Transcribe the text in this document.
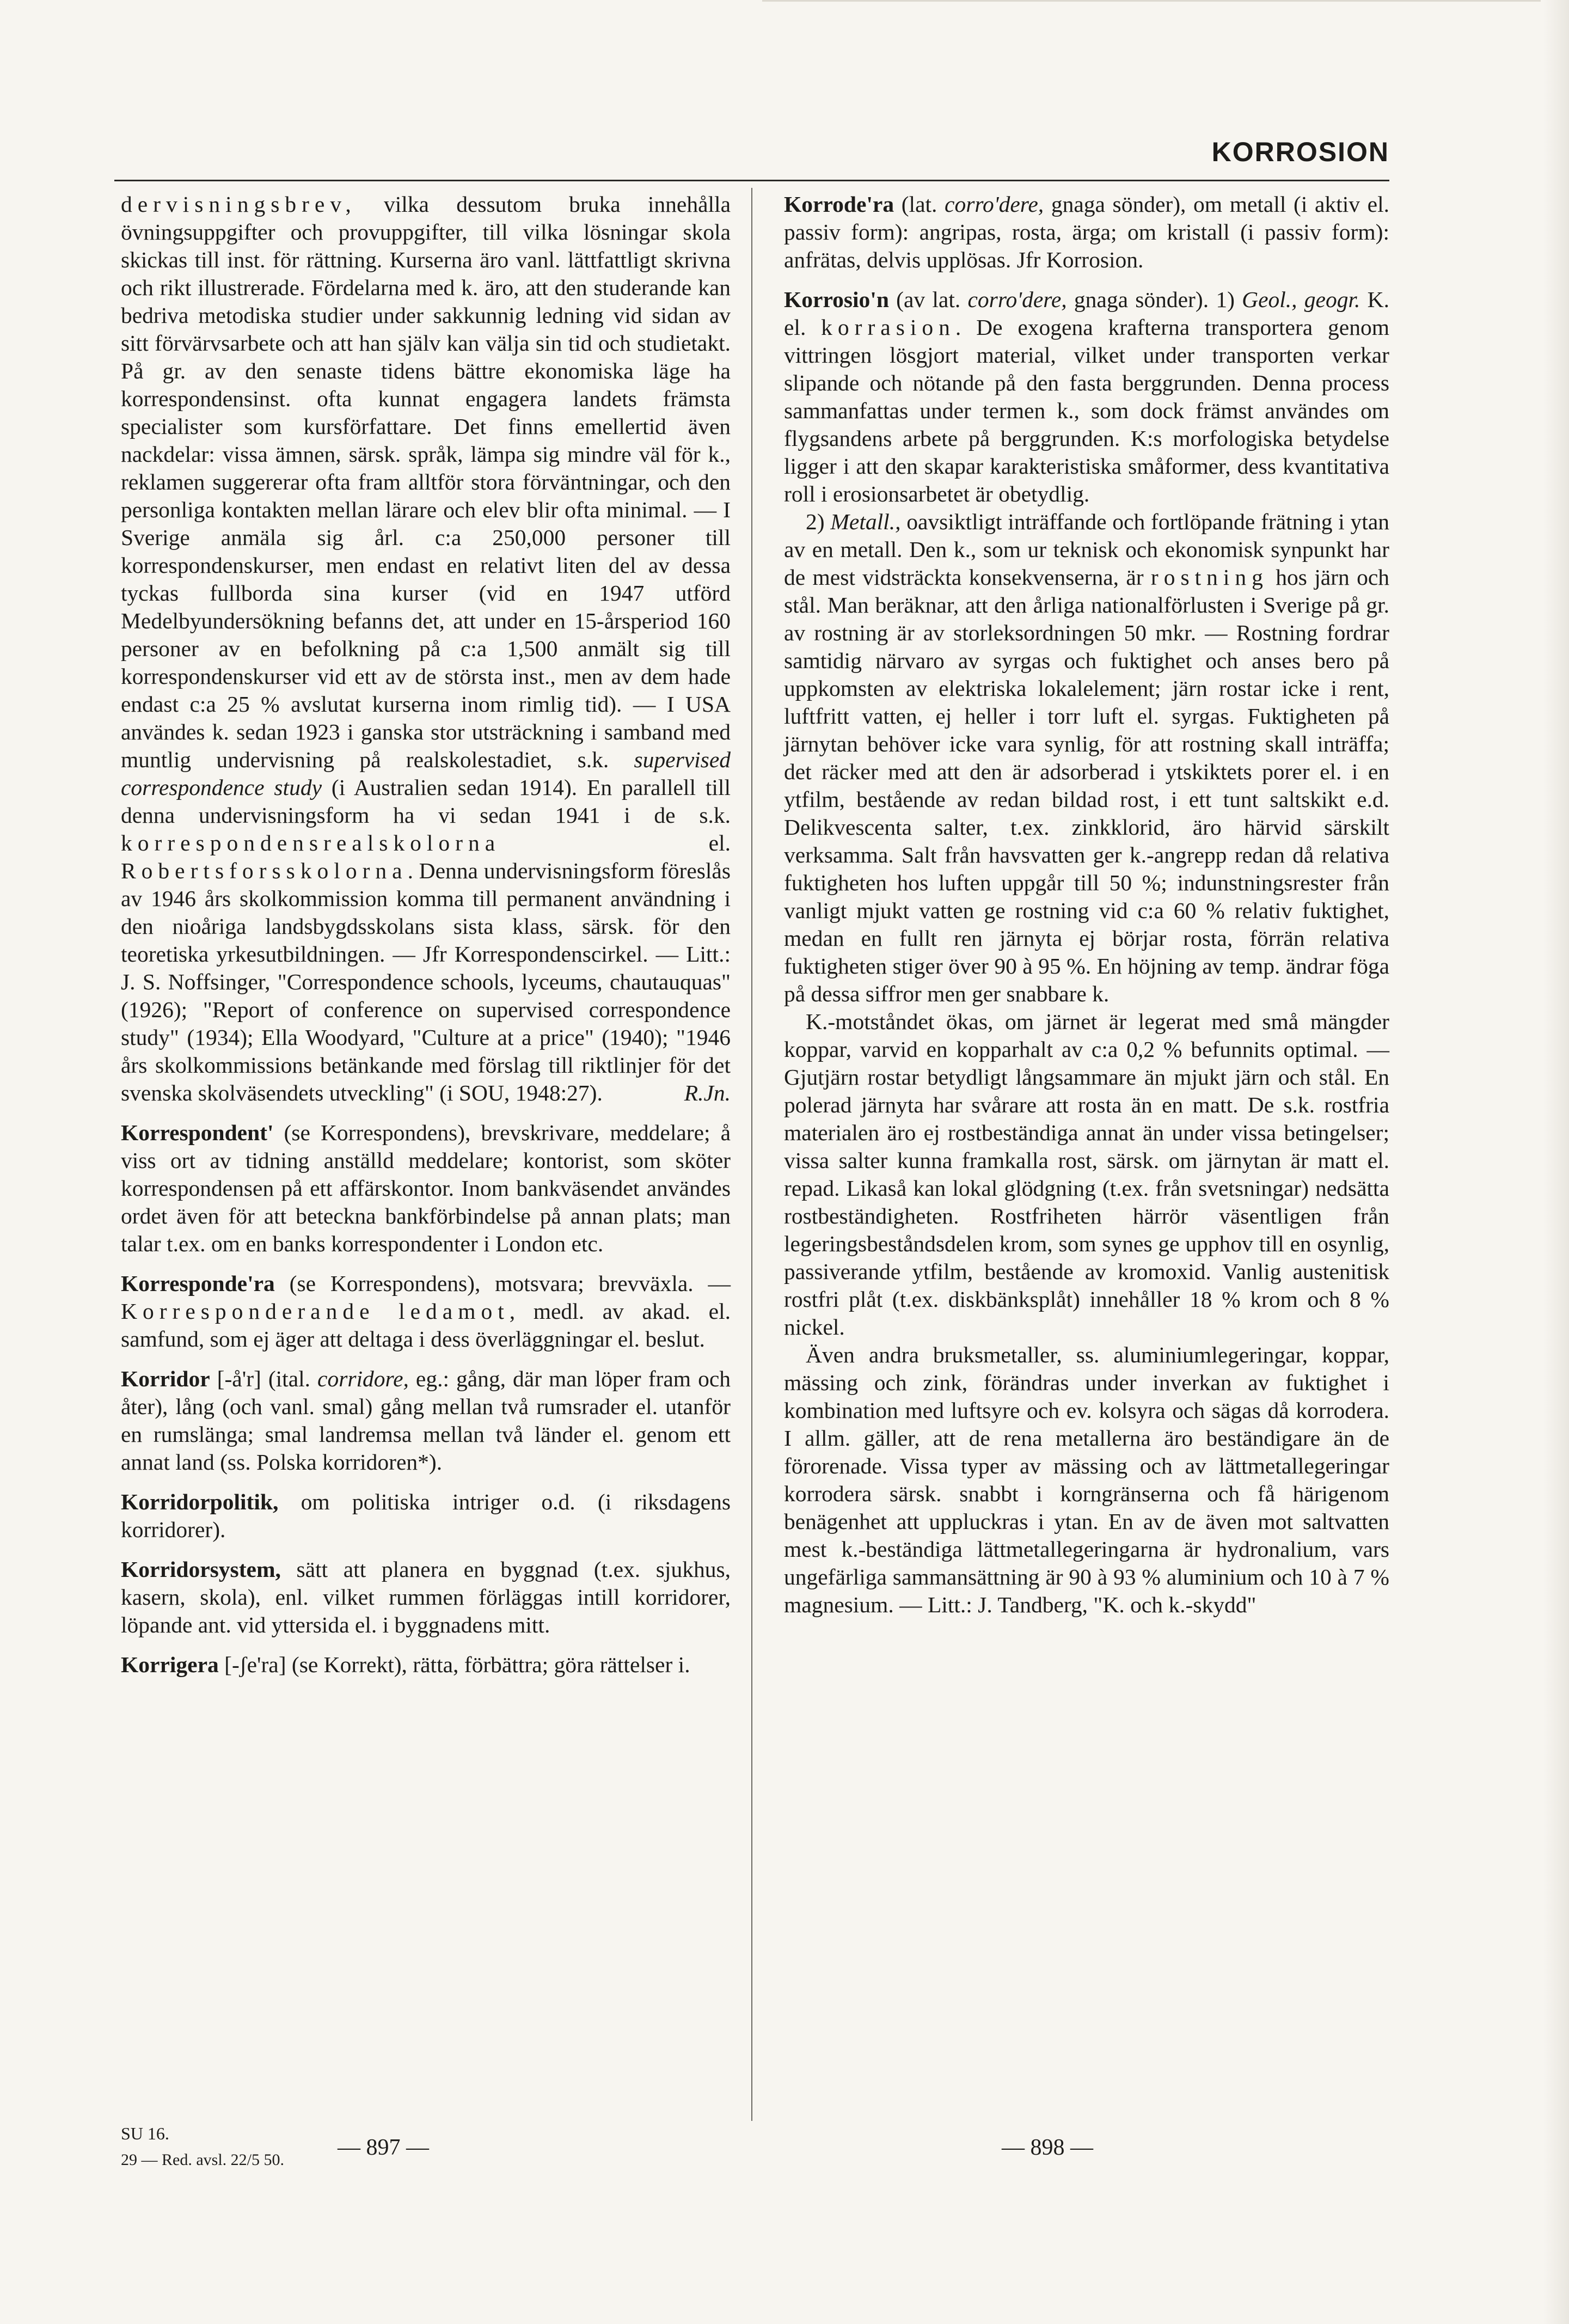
KORROSION

dervisningsbrev, vilka dessutom bruka innehålla övningsuppgifter och provuppgifter, till vilka lösningar skola skickas till inst. för rättning. Kurserna äro vanl. lättfattligt skrivna och rikt illustrerade. Fördelarna med k. äro, att den studerande kan bedriva metodiska studier under sakkunnig ledning vid sidan av sitt förvärvsarbete och att han själv kan välja sin tid och studietakt. På gr. av den senaste tidens bättre ekonomiska läge ha korrespondensinst. ofta kunnat engagera landets främsta specialister som kursförfattare. Det finns emellertid även nackdelar: vissa ämnen, särsk. språk, lämpa sig mindre väl för k., reklamen suggererar ofta fram alltför stora förväntningar, och den personliga kontakten mellan lärare och elev blir ofta minimal. — I Sverige anmäla sig årl. c:a 250,000 personer till korrespondenskurser, men endast en relativt liten del av dessa tyckas fullborda sina kurser (vid en 1947 utförd Medelbyundersökning befanns det, att under en 15-årsperiod 160 personer av en befolkning på c:a 1,500 anmält sig till korrespondenskurser vid ett av de största inst., men av dem hade endast c:a 25 % avslutat kurserna inom rimlig tid). — I USA användes k. sedan 1923 i ganska stor utsträckning i samband med muntlig undervisning på realskolestadiet, s.k. supervised correspondence study (i Australien sedan 1914). En parallell till denna undervisningsform ha vi sedan 1941 i de s.k. korrespondensrealskolorna	el. Robertsforsskolorna. Denna undervisningsform föreslås av 1946 års skolkommission komma till permanent användning i den nioåriga landsbygdsskolans sista klass, särsk. för den teoretiska yrkesutbildningen. — Jfr Korrespondenscirkel. — Litt.: J. S. Noffsinger, "Correspondence schools, lyceums, chautauquas" (1926); "Report of conference on supervised correspondence study" (1934); Ella Woodyard, "Culture at a price" (1940); "1946 års skolkommissions betänkande med förslag till riktlinjer för det svenska skolväsendets utveckling" (i SOU, 1948:27).	R.Jn.

Korrespondent' (se Korrespondens), brevskrivare, meddelare; å viss ort av tidning anställd meddelare; kontorist, som sköter korrespondensen på ett affärskontor. Inom bankväsendet användes ordet även för att beteckna bankförbindelse på annan plats; man talar t.ex. om en banks korrespondenter i London etc.

Korresponde'ra (se Korrespondens), motsvara; brevväxla. — Korresponderande ledamot, medl. av akad. el. samfund, som ej äger att deltaga i dess överläggningar el. beslut.

Korridor [-å'r] (ital. corridore, eg.: gång, där man löper fram och åter), lång (och vanl. smal) gång mellan två rumsrader el. utanför en rumslänga; smal landremsa mellan två länder el. genom ett annat land (ss. Polska korridoren*).

Korridorpolitik, om politiska intriger o.d. (i riksdagens korridorer).

Korridorsystem, sätt att planera en byggnad (t.ex. sjukhus, kasern, skola), enl. vilket rummen förläggas intill korridorer, löpande ant. vid yttersida el. i byggnadens mitt.

Korrigera [-ʃe'ra] (se Korrekt), rätta, förbättra; göra rättelser i.

Korrode'ra (lat. corro'dere, gnaga sönder), om metall (i aktiv el. passiv form): angripas, rosta, ärga; om kristall (i passiv form): anfrätas, delvis upplösas. Jfr Korrosion.

Korrosio'n (av lat. corro'dere, gnaga sönder). 1) Geol., geogr. K. el. korrasion. De exogena krafterna transportera genom vittringen lösgjort material, vilket under transporten verkar slipande och nötande på den fasta berggrunden. Denna process sammanfattas under termen k., som dock främst användes om flygsandens arbete på berggrunden. K:s morfologiska betydelse ligger i att den skapar karakteristiska småformer, dess kvantitativa roll i erosionsarbetet är obetydlig.

2) Metall., oavsiktligt inträffande och fortlöpande frätning i ytan av en metall. Den k., som ur teknisk och ekonomisk synpunkt har de mest vidsträckta konsekvenserna, är rostning hos järn och stål. Man beräknar, att den årliga nationalförlusten i Sverige på gr. av rostning är av storleksordningen 50 mkr. — Rostning fordrar samtidig närvaro av syrgas och fuktighet och anses bero på uppkomsten av elektriska lokalelement; järn rostar icke i rent, luftfritt vatten, ej heller i torr luft el. syrgas. Fuktigheten på järnytan behöver icke vara synlig, för att rostning skall inträffa; det räcker med att den är adsorberad i ytskiktets porer el. i en ytfilm, bestående av redan bildad rost, i ett tunt saltskikt e.d. Delikvescenta salter, t.ex. zinkklorid, äro härvid särskilt verksamma. Salt från havsvatten ger k.-angrepp redan då relativa fuktigheten hos luften uppgår till 50 %; indunstningsrester från vanligt mjukt vatten ge rostning vid c:a 60 % relativ fuktighet, medan en fullt ren järnyta ej börjar rosta, förrän relativa fuktigheten stiger över 90 à 95 %. En höjning av temp. ändrar föga på dessa siffror men ger snabbare k.

K.-motståndet ökas, om järnet är legerat med små mängder koppar, varvid en kopparhalt av c:a 0,2 % befunnits optimal. — Gjutjärn rostar betydligt långsammare än mjukt järn och stål. En polerad järnyta har svårare att rosta än en matt. De s.k. rostfria materialen äro ej rostbeständiga annat än under vissa betingelser; vissa salter kunna framkalla rost, särsk. om järnytan är matt el. repad. Likaså kan lokal glödgning (t.ex. från svetsningar) nedsätta rostbeständigheten. Rostfriheten härrör väsentligen från legeringsbeståndsdelen krom, som synes ge upphov till en osynlig, passiverande ytfilm, bestående av kromoxid. Vanlig austenitisk rostfri plåt (t.ex. diskbänksplåt) innehåller 18 % krom och 8 % nickel.

Även andra bruksmetaller, ss. aluminiumlegeringar, koppar, mässing och zink, förändras under inverkan av fuktighet i kombination med luftsyre och ev. kolsyra och sägas då korrodera. I allm. gäller, att de rena metallerna äro beständigare än de förorenade. Vissa typer av mässing och av lättmetallegeringar korrodera särsk. snabbt i korngränserna och få härigenom benägenhet att uppluckras i ytan. En av de även mot saltvatten mest k.-beständiga lättmetallegeringarna är hydronalium, vars ungefärliga sammansättning är 90 à 93 % aluminium och 10 à 7 % magnesium. — Litt.: J. Tandberg, "K. och k.-skydd"

SU 16.
29 — Red. avsl. 22/5 50. — 897 —	— 898 —
